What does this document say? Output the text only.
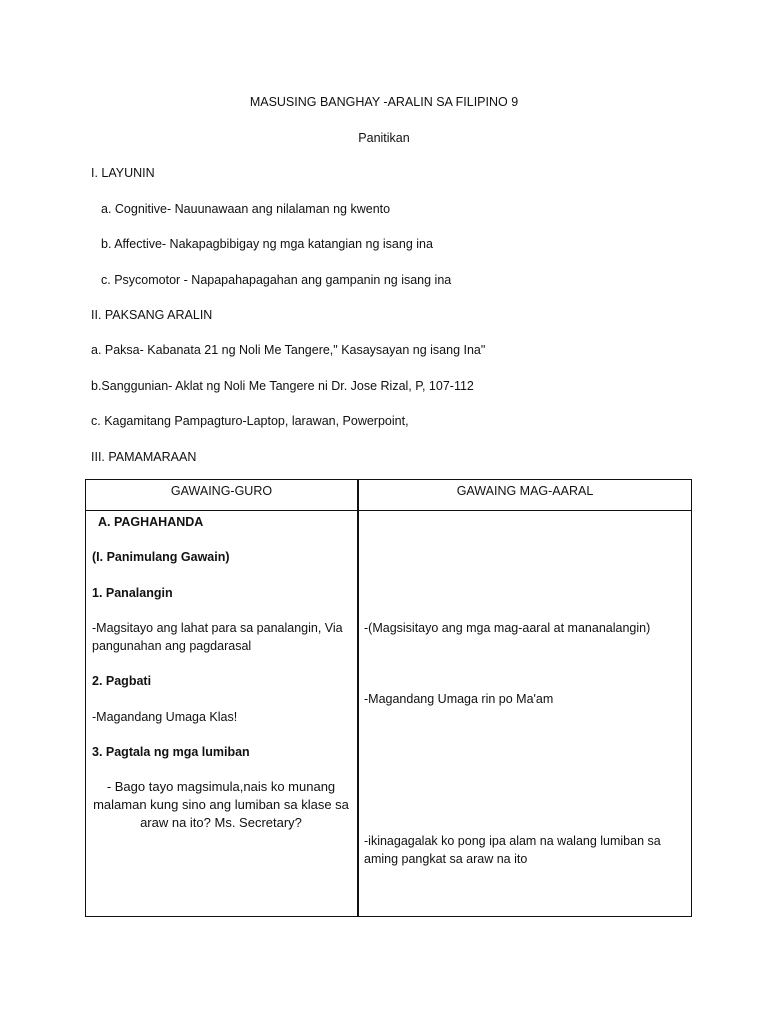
MASUSING BANGHAY -ARALIN SA FILIPINO 9
Panitikan
I. LAYUNIN
a. Cognitive- Nauunawaan ang nilalaman ng kwento
b. Affective- Nakapagbibigay ng mga katangian ng isang ina
c. Psycomotor - Napapahapagahan ang gampanin ng isang ina
II. PAKSANG ARALIN
a. Paksa- Kabanata 21 ng Noli Me Tangere," Kasaysayan ng isang Ina"
b.Sanggunian- Aklat ng Noli Me Tangere ni Dr. Jose Rizal, P, 107-112
c. Kagamitang Pampagturo-Laptop, larawan, Powerpoint,
III. PAMAMARAAN
GAWAING-GURO	GAWAING MAG-AARAL
A. PAGHAHANDA
(I. Panimulang Gawain)
1. Panalangin
-Magsitayo ang lahat para sa panalangin, Via pangunahan ang pagdarasal
2. Pagbati
-Magandang Umaga Klas!
3. Pagtala ng mga lumiban
- Bago tayo magsimula,nais ko munang malaman kung sino ang lumiban sa klase sa araw na ito? Ms. Secretary?
-(Magsisitayo ang mga mag-aaral at mananalangin)
-Magandang Umaga rin po Ma'am
-ikinagagalak ko pong ipa alam na walang lumiban sa aming pangkat sa araw na ito
